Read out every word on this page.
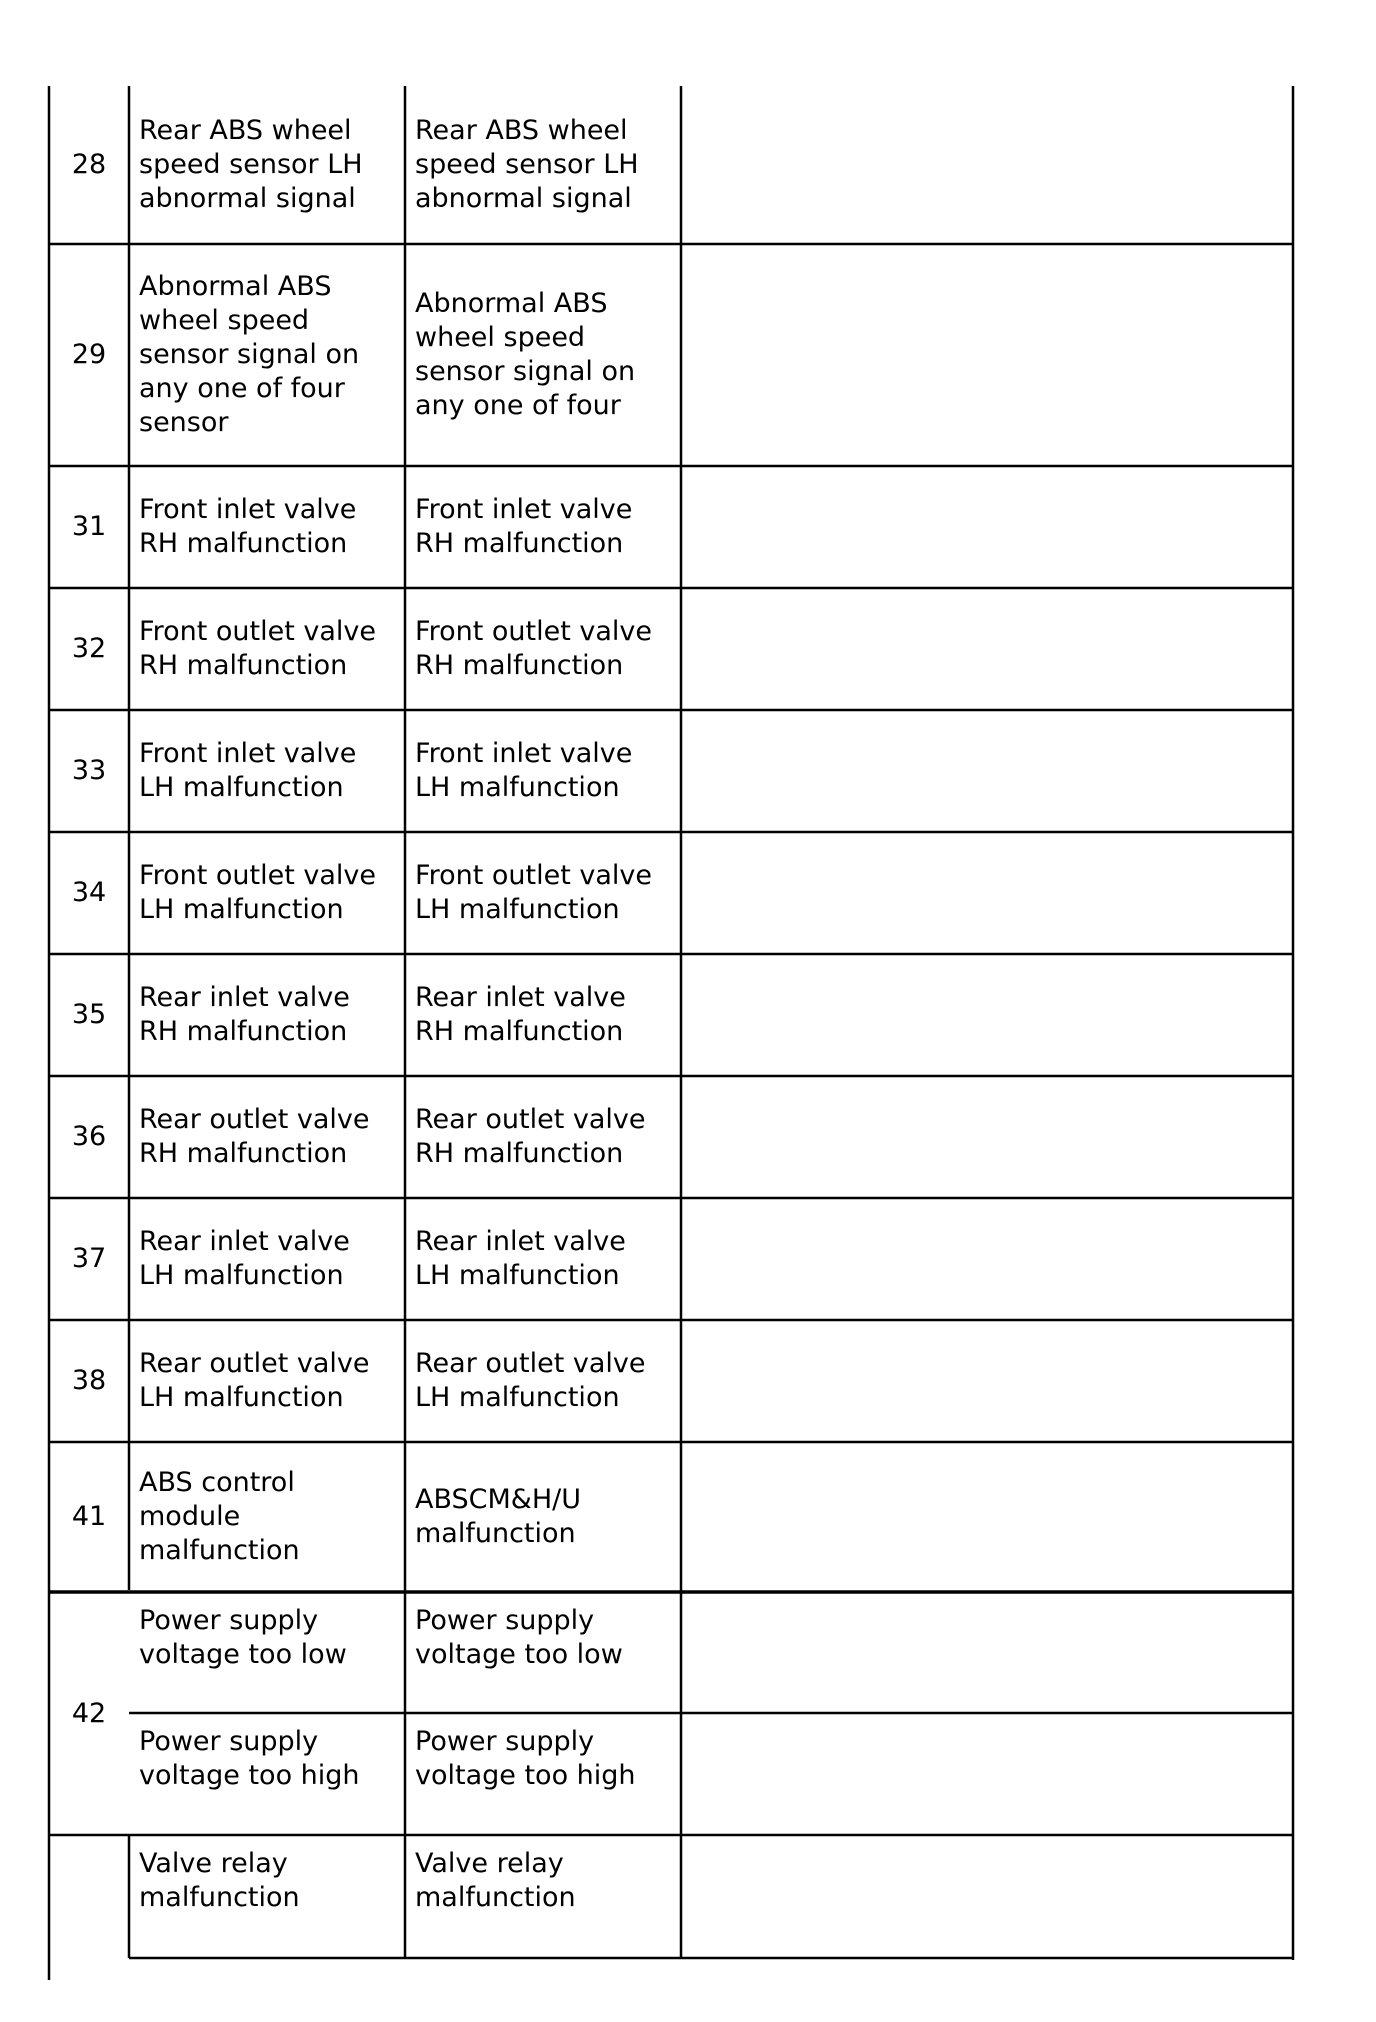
28
Rear ABS wheel
speed sensor LH
abnormal signal
Rear ABS wheel
speed sensor LH
abnormal signal
29
Abnormal ABS
wheel speed
sensor signal on
any one of four
sensor
Abnormal ABS
wheel speed
sensor signal on
any one of four
31
Front inlet valve
RH malfunction
Front inlet valve
RH malfunction
32
Front outlet valve
RH malfunction
Front outlet valve
RH malfunction
33
Front inlet valve
LH malfunction
Front inlet valve
LH malfunction
34
Front outlet valve
LH malfunction
Front outlet valve
LH malfunction
35
Rear inlet valve
RH malfunction
Rear inlet valve
RH malfunction
36
Rear outlet valve
RH malfunction
Rear outlet valve
RH malfunction
37
Rear inlet valve
LH malfunction
Rear inlet valve
LH malfunction
38
Rear outlet valve
LH malfunction
Rear outlet valve
LH malfunction
41
ABS control
module
malfunction
ABSCM&H/U
malfunction
42
Power supply
voltage too low
Power supply
voltage too low
Power supply
voltage too high
Power supply
voltage too high
Valve relay
malfunction
Valve relay
malfunction
